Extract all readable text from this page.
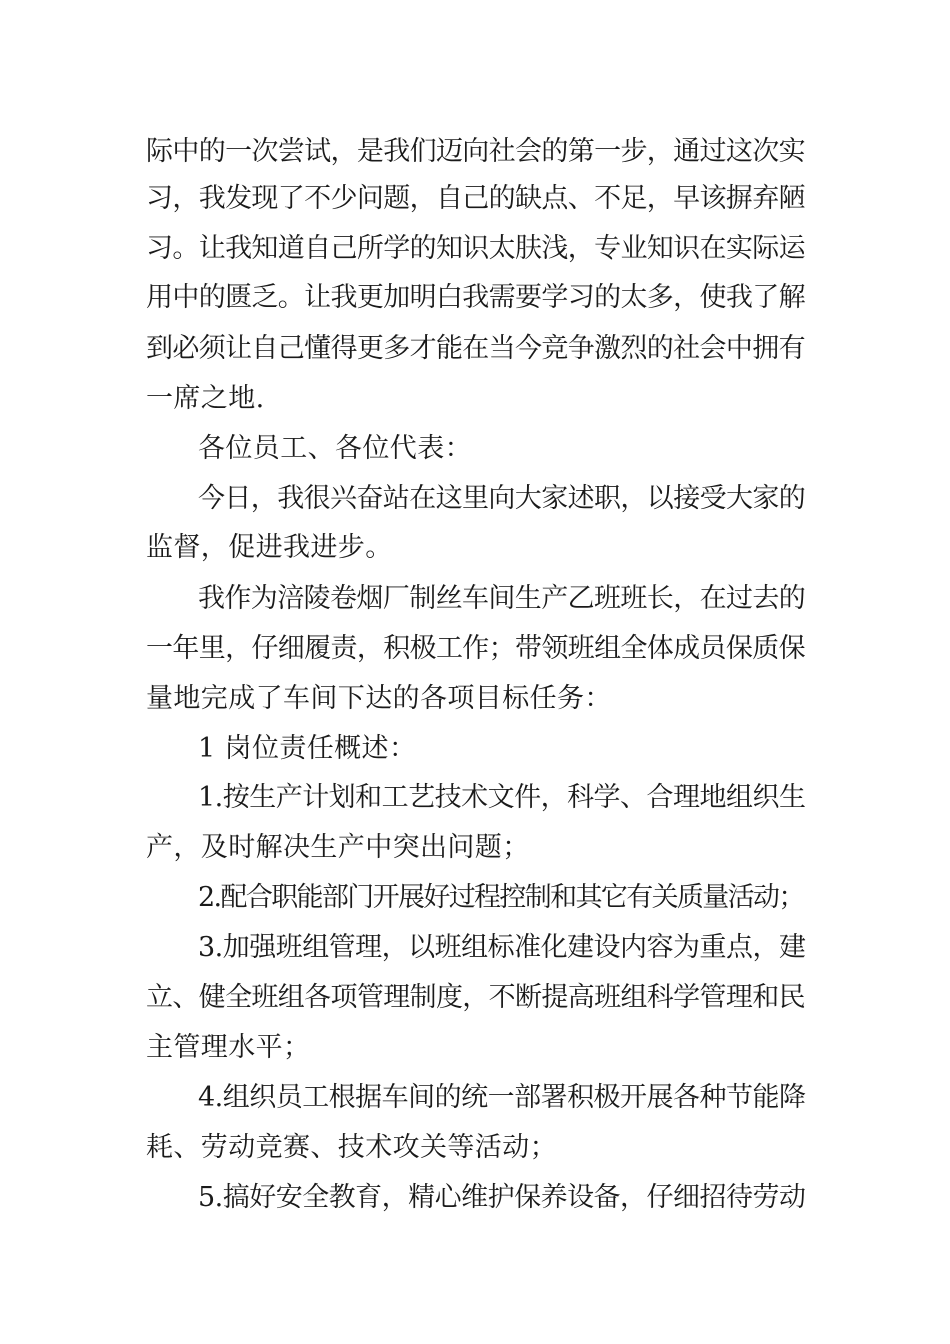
际中的一次尝试，是我们迈向社会的第一步，通过这次实
习，我发现了不少问题，自己的缺点、不足，早该摒弃陋
习。让我知道自己所学的知识太肤浅，专业知识在实际运
用中的匮乏。让我更加明白我需要学习的太多，使我了解
到必须让自己懂得更多才能在当今竞争激烈的社会中拥有
一席之地.
各位员工、各位代表：
今日，我很兴奋站在这里向大家述职，以接受大家的
监督，促进我进步。
我作为涪陵卷烟厂制丝车间生产乙班班长，在过去的
一年里，仔细履责，积极工作；带领班组全体成员保质保
量地完成了车间下达的各项目标任务：
1 岗位责任概述：
1.按生产计划和工艺技术文件，科学、合理地组织生
产，及时解决生产中突出问题；
2.配合职能部门开展好过程控制和其它有关质量活动；
3.加强班组管理，以班组标准化建设内容为重点，建
立、健全班组各项管理制度，不断提高班组科学管理和民
主管理水平；
4.组织员工根据车间的统一部署积极开展各种节能降
耗、劳动竞赛、技术攻关等活动；
5.搞好安全教育，精心维护保养设备，仔细招待劳动
